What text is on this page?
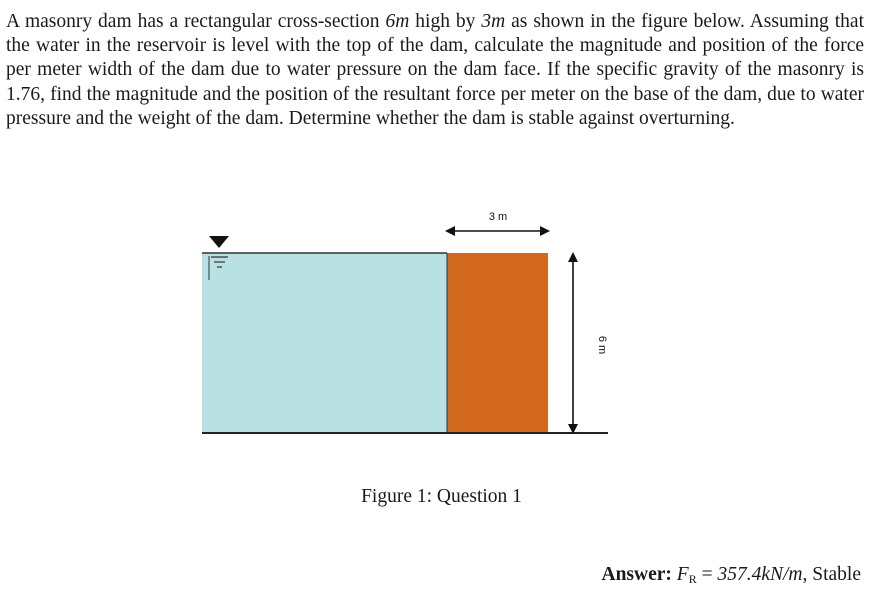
A masonry dam has a rectangular cross-section 6m high by 3m as shown in the figure below. Assuming that the water in the reservoir is level with the top of the dam, calculate the magnitude and position of the force per meter width of the dam due to water pressure on the dam face. If the specific gravity of the masonry is 1.76, find the magnitude and the position of the resultant force per meter on the base of the dam, due to water pressure and the weight of the dam. Determine whether the dam is stable against overturning.
3 m
6 m
Figure 1: Question 1
Answer: $F_R = 357.4kN/m$, Stable
